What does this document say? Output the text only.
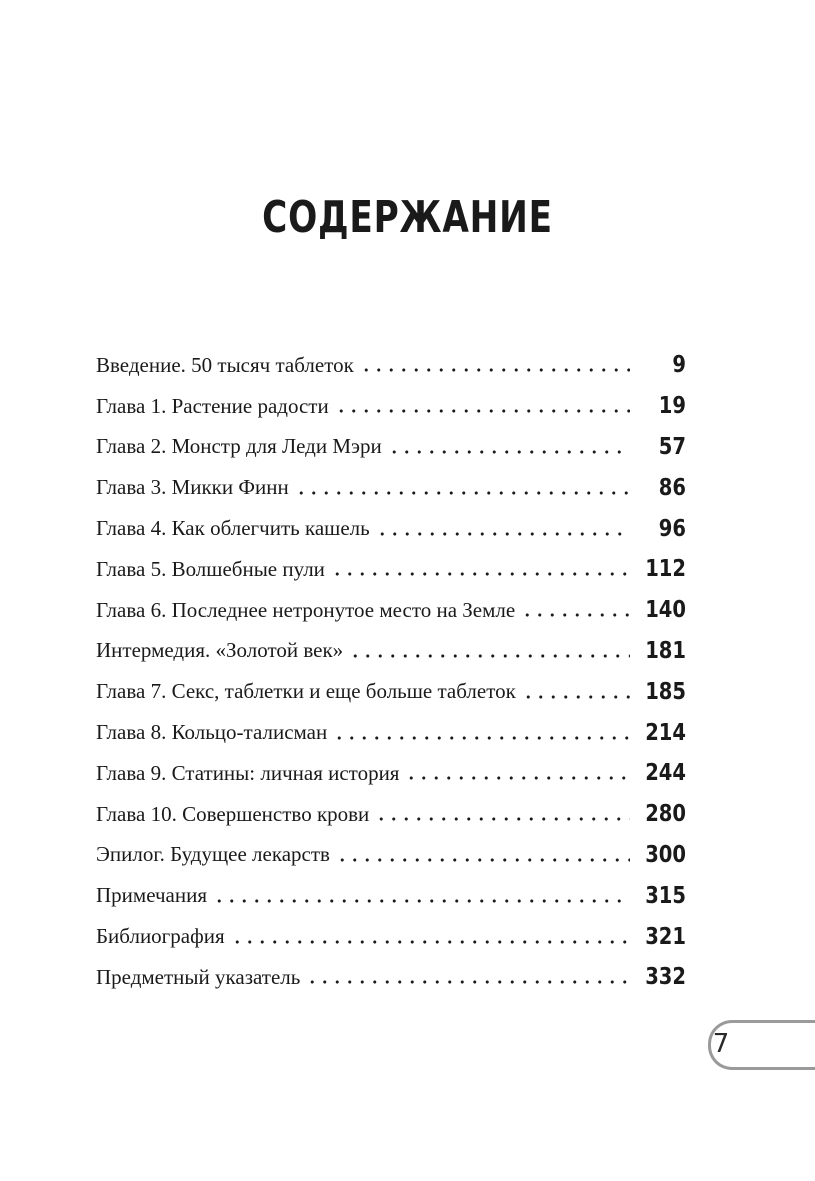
СОДЕРЖАНИЕ
Введение. 50 тысяч таблеток	9
Глава 1. Растение радости	19
Глава 2. Монстр для Леди Мэри	57
Глава 3. Микки Финн	86
Глава 4. Как облегчить кашель	96
Глава 5. Волшебные пули	112
Глава 6. Последнее нетронутое место на Земле	140
Интермедия. «Золотой век»	181
Глава 7. Секс, таблетки и еще больше таблеток	185
Глава 8. Кольцо-талисман	214
Глава 9. Статины: личная история	244
Глава 10. Совершенство крови	280
Эпилог. Будущее лекарств	300
Примечания	315
Библиография	321
Предметный указатель	332
7
